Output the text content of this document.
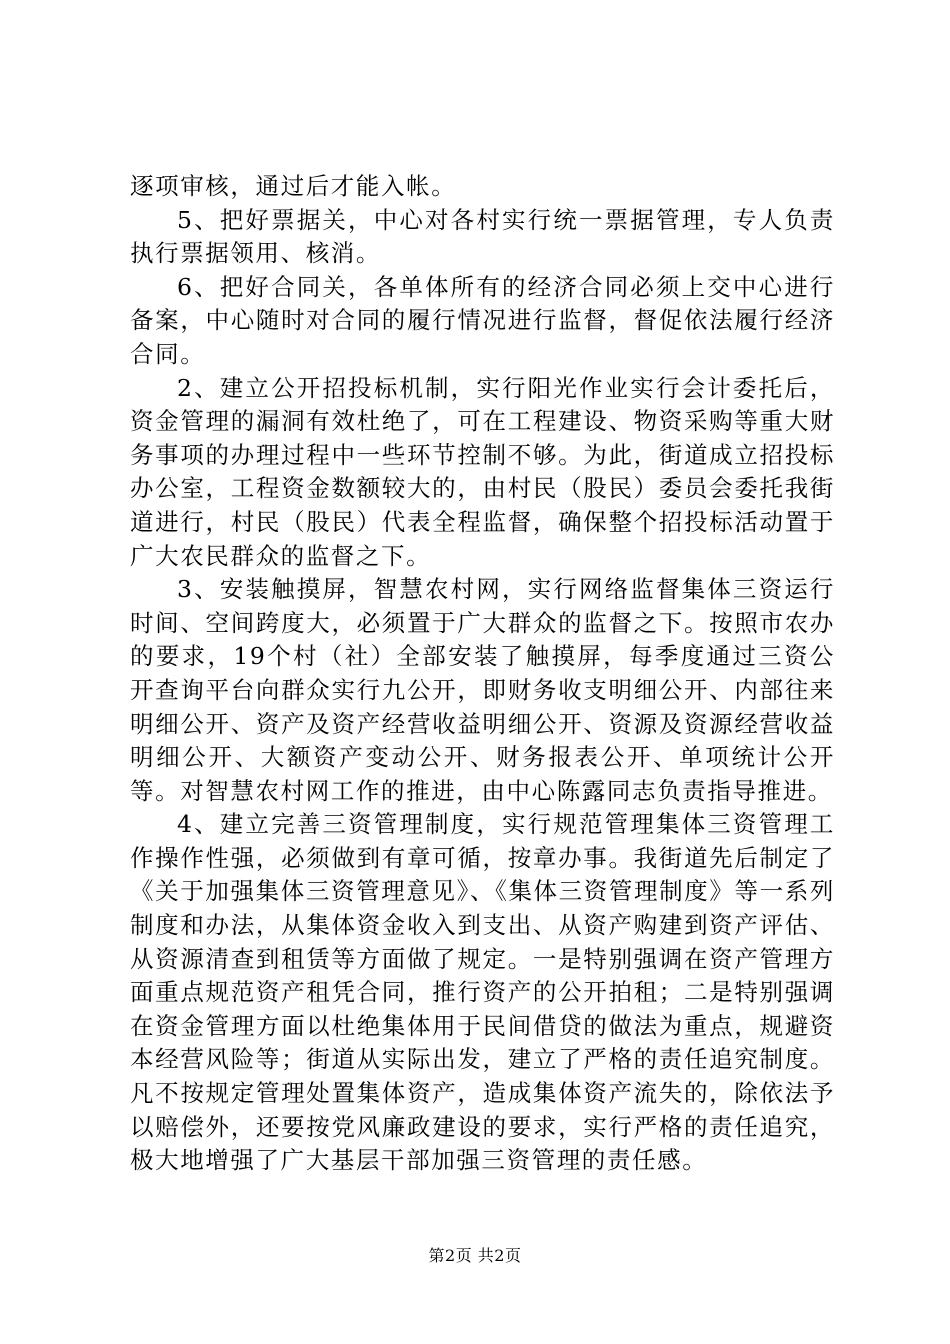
逐项审核，通过后才能入帐。

5、把好票据关，中心对各村实行统一票据管理，专人负责执行票据领用、核消。

6、把好合同关，各单体所有的经济合同必须上交中心进行备案，中心随时对合同的履行情况进行监督，督促依法履行经济合同。

2、建立公开招投标机制，实行阳光作业实行会计委托后，资金管理的漏洞有效杜绝了，可在工程建设、物资采购等重大财务事项的办理过程中一些环节控制不够。为此，街道成立招投标办公室，工程资金数额较大的，由村民（股民）委员会委托我街道进行，村民（股民）代表全程监督，确保整个招投标活动置于广大农民群众的监督之下。

3、安装触摸屏，智慧农村网，实行网络监督集体三资运行时间、空间跨度大，必须置于广大群众的监督之下。按照市农办的要求，19个村（社）全部安装了触摸屏，每季度通过三资公开查询平台向群众实行九公开，即财务收支明细公开、内部往来明细公开、资产及资产经营收益明细公开、资源及资源经营收益明细公开、大额资产变动公开、财务报表公开、单项统计公开等。对智慧农村网工作的推进，由中心陈露同志负责指导推进。

4、建立完善三资管理制度，实行规范管理集体三资管理工作操作性强，必须做到有章可循，按章办事。我街道先后制定了《关于加强集体三资管理意见》、《集体三资管理制度》等一系列制度和办法，从集体资金收入到支出、从资产购建到资产评估、从资源清查到租赁等方面做了规定。一是特别强调在资产管理方面重点规范资产租凭合同，推行资产的公开拍租；二是特别强调在资金管理方面以杜绝集体用于民间借贷的做法为重点，规避资本经营风险等；街道从实际出发，建立了严格的责任追究制度。凡不按规定管理处置集体资产，造成集体资产流失的，除依法予以赔偿外，还要按党风廉政建设的要求，实行严格的责任追究，极大地增强了广大基层干部加强三资管理的责任感。

第2页 共2页
